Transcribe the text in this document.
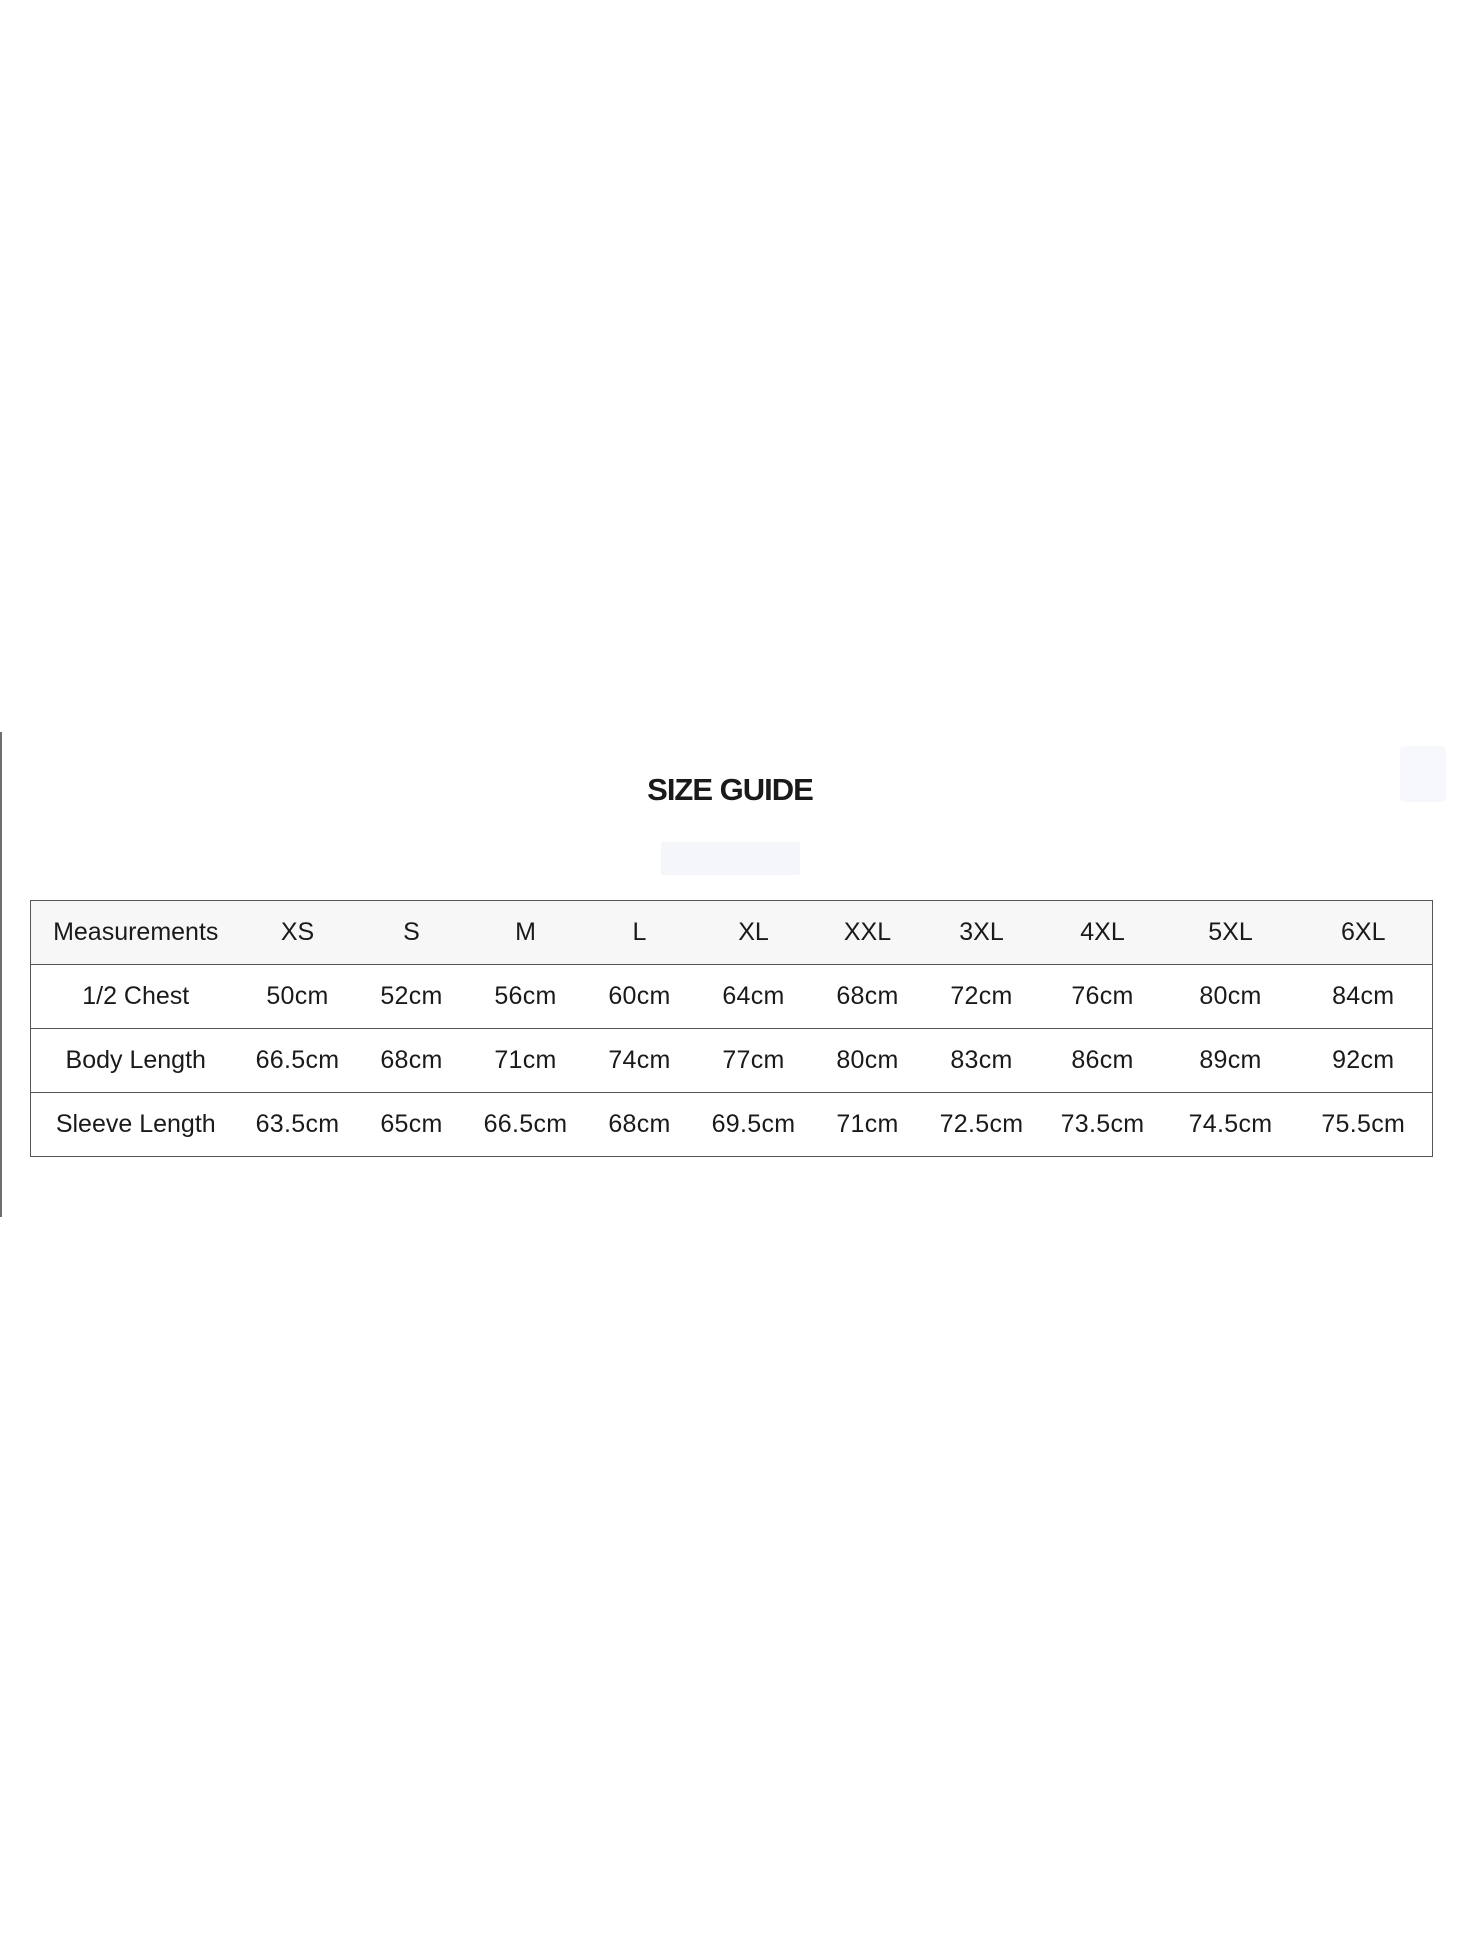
SIZE GUIDE
Measurements	XS	S	M	L	XL	XXL	3XL	4XL	5XL	6XL
1/2 Chest	50cm	52cm	56cm	60cm	64cm	68cm	72cm	76cm	80cm	84cm
Body Length	66.5cm	68cm	71cm	74cm	77cm	80cm	83cm	86cm	89cm	92cm
Sleeve Length	63.5cm	65cm	66.5cm	68cm	69.5cm	71cm	72.5cm	73.5cm	74.5cm	75.5cm
